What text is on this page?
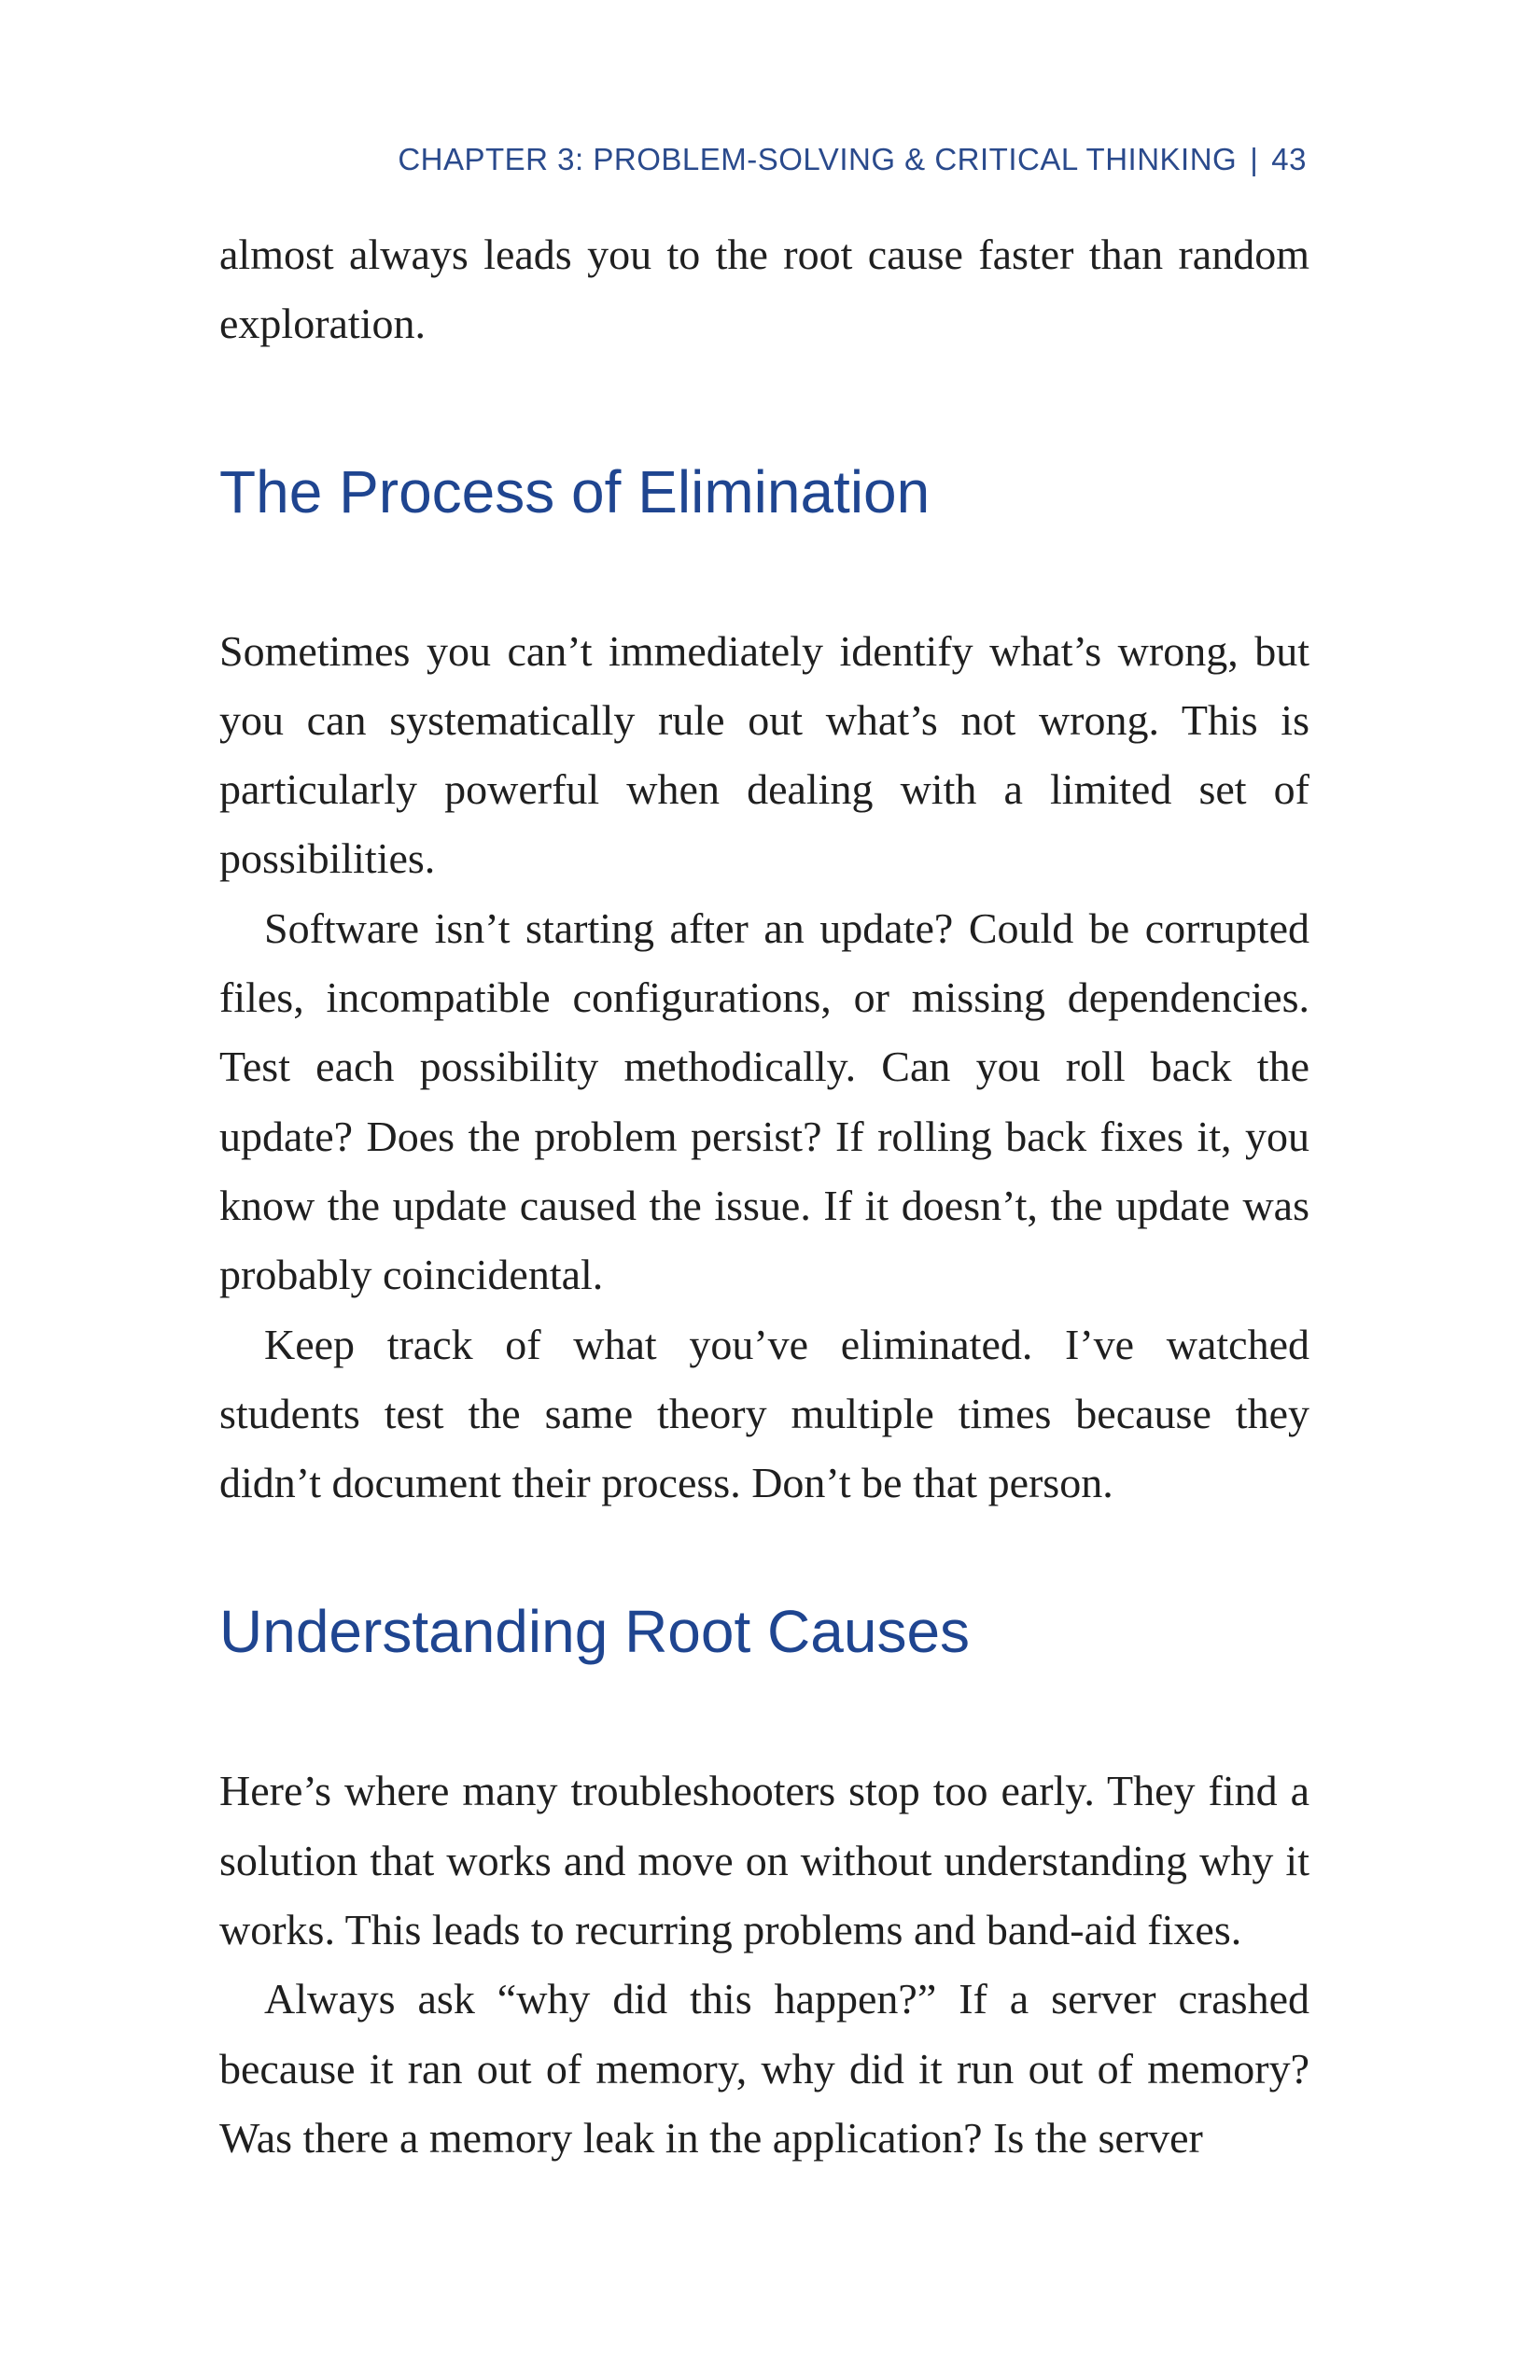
CHAPTER 3: PROBLEM-SOLVING & CRITICAL THINKING | 43

almost always leads you to the root cause faster than random exploration.

The Process of Elimination

Sometimes you can’t immediately identify what’s wrong, but you can systematically rule out what’s not wrong. This is particularly powerful when dealing with a limited set of possibilities.

Software isn’t starting after an update? Could be corrupted files, incompatible configurations, or missing dependencies. Test each possibility methodically. Can you roll back the update? Does the problem persist? If rolling back fixes it, you know the update caused the issue. If it doesn’t, the update was probably coincidental.

Keep track of what you’ve eliminated. I’ve watched students test the same theory multiple times because they didn’t document their process. Don’t be that person.

Understanding Root Causes

Here’s where many troubleshooters stop too early. They find a solution that works and move on without understanding why it works. This leads to recurring problems and band-aid fixes.

Always ask “why did this happen?” If a server crashed because it ran out of memory, why did it run out of memory? Was there a memory leak in the application? Is the server
